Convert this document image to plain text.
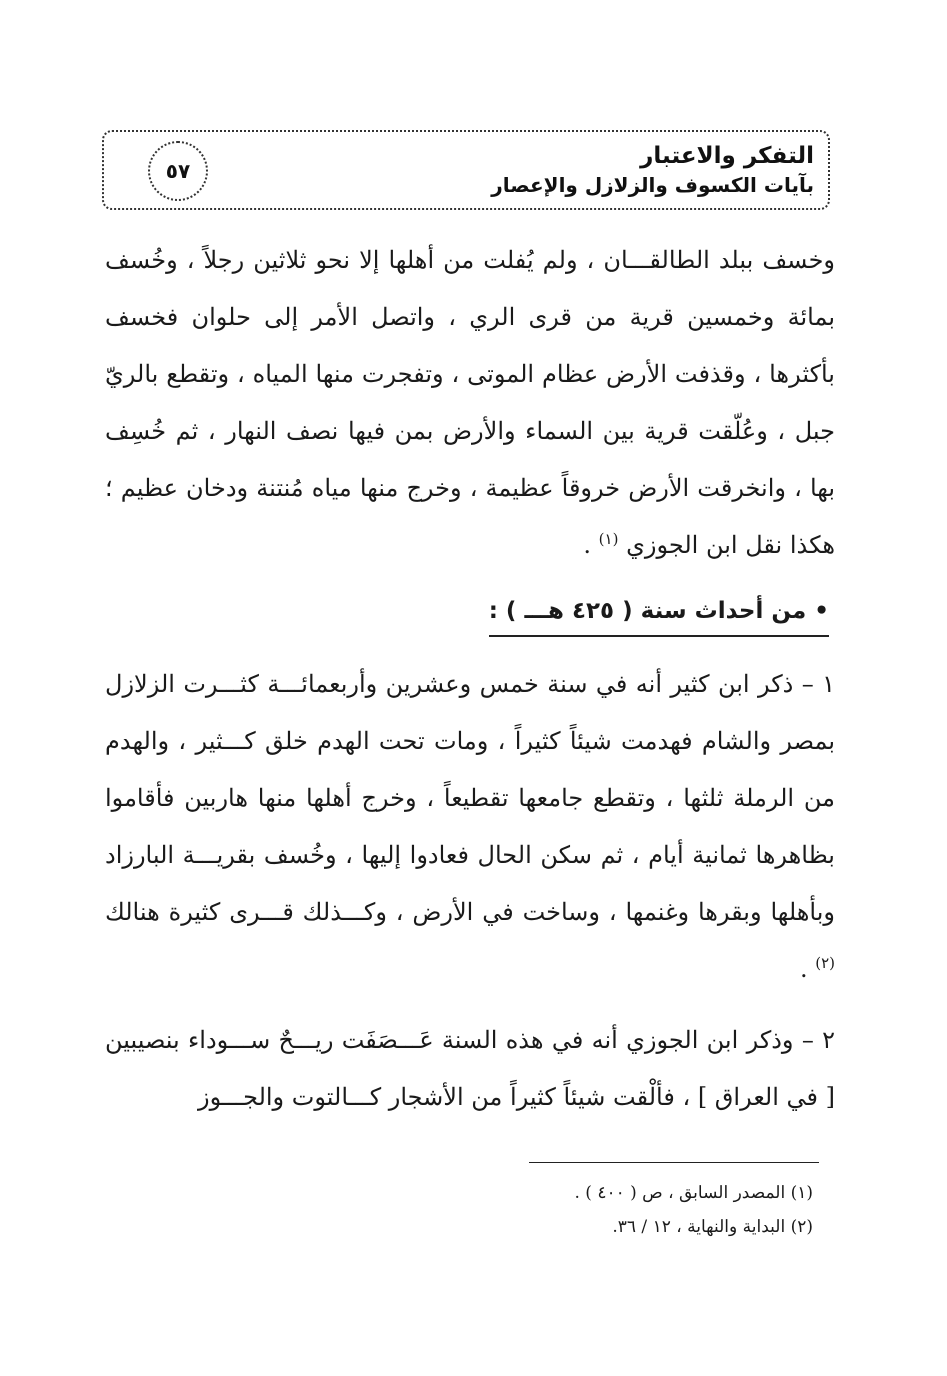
التفكر والاعتبار
بآيات الكسوف والزلازل والإعصار
٥٧
وخسف ببلد الطالقـــان ، ولم يُفلت من أهلها إلا نحو ثلاثين رجلاً ، وخُسف بمائة وخمسين قرية من قرى الري ، واتصل الأمر إلى حلوان فخسف بأكثرها ، وقذفت الأرض عظام الموتى ، وتفجرت منها المياه ، وتقطع بالريّ جبل ، وعُلّقت قرية بين السماء والأرض بمن فيها نصف النهار ، ثم خُسِف بها ، وانخرقت الأرض خروقاً عظيمة ، وخرج منها مياه مُنتنة ودخان عظيم ؛ هكذا نقل ابن الجوزي $^{(١)}$ .
•من أحداث سنة ( ٤٢٥ هـــ ) :
١ – ذكر ابن كثير أنه في سنة خمس وعشرين وأربعمائـــة كثـــرت الزلازل بمصر والشام فهدمت شيئاً كثيراً ، ومات تحت الهدم خلق كـــثير ، والهدم من الرملة ثلثها ، وتقطع جامعها تقطيعاً ، وخرج أهلها منها هاربين فأقاموا بظاهرها ثمانية أيام ، ثم سكن الحال فعادوا إليها ، وخُسف بقريـــة البارزاد وبأهلها وبقرها وغنمها ، وساخت في الأرض ، وكـــذلك قـــرى كثيرة هنالك $^{(٢)}$ .
٢ – وذكر ابن الجوزي أنه في هذه السنة عَـــصَفَت ريـــحٌ ســـوداء بنصيبين [ في العراق ] ، فألْقت شيئاً كثيراً من الأشجار كـــالتوت والجـــوز
(١) المصدر السابق ، ص ( ٤٠٠ ) .
(٢) البداية والنهاية ، ١٢ / ٣٦.
